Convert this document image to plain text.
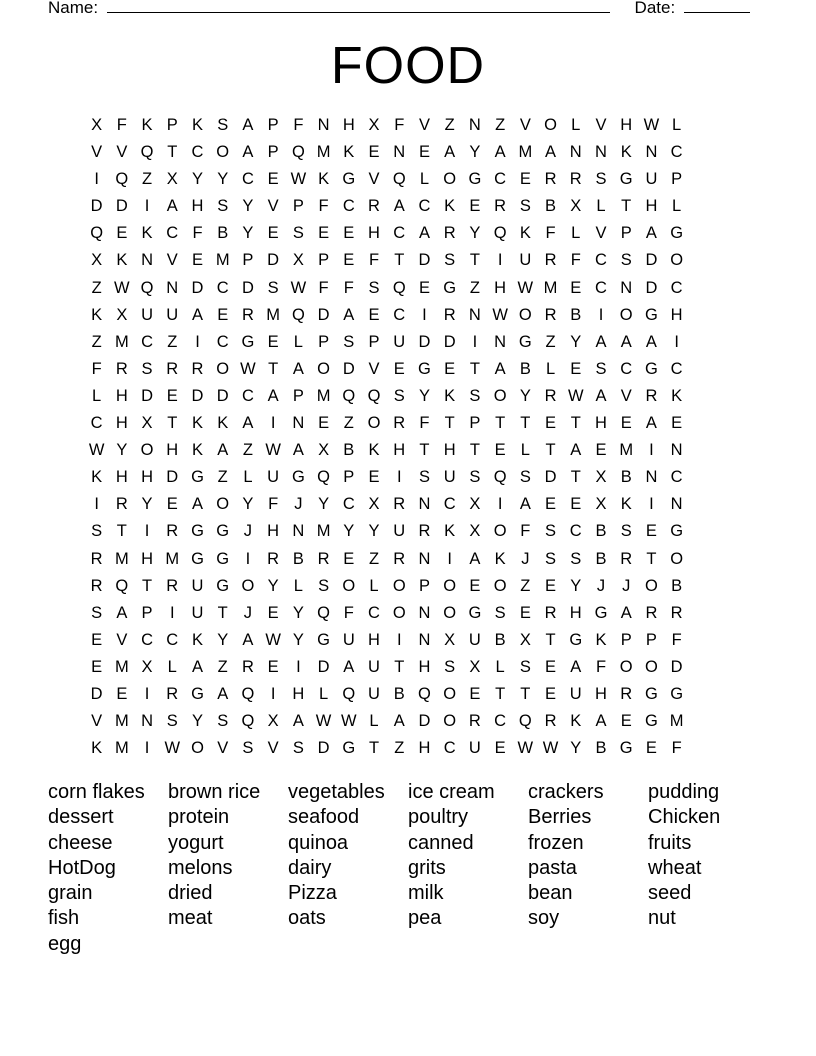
Name:	Date:
FOOD
X F K P K S A P F N H X F V Z N Z V O L V H W L
V V Q T C O A P Q M K E N E A Y A M A N N K N C
I	Q Z X Y Y C E W K G V Q L O G C E R R S G U P
D D	I	A H S Y V P F C R A C K E R S B X L T H L
Q E K C F B Y E S E E H C A R Y Q K F L V P A G
X K N V E M P D X P E F T D S T	I	U R F C S D O
Z W Q N D C D S W F F S Q E G Z H W M E C N D C
K X U U A E R M Q D A E C	I	R N W O R B	I	O G H
Z M C Z	I	C G E L P S P U D D	I	N G Z Y A A A	I
F R S R R O W T A O D V E G E T A B L E S C G C
L H D E D D C A P M Q Q S Y K S O Y R W A V R K
C H X T K K A	I	N E Z O R F T P T T E T H E A E
W Y O H K A Z W A X B K H T H T E L T A E M I	N
K H H D G Z L U G Q P E	I	S U S Q S D T X B N C
I	R Y E A O Y F J Y C X R N C X	I	A E E X K	I	N
S T	I	R G G J H N M Y Y U R K X O F S C B S E G
R M H M G G	I	R B R E Z R N	I	A K J S S B R T O
R Q T R U G O Y L S O L O P O E O Z E Y J	J O B
S A P	I	U T J E Y Q F C O N O G S E R H G A R R
E V C C K Y A W Y G U H	I	N X U B X T G K P P F
E M X L A Z R E	I	D A U T H S X L S E A F O O D
D E	I	R G A Q	I	H L Q U B Q O E T T E U H R G G
V M N S Y S Q X A W W L A D O R C Q R K A E G M
K M I W O V S V S D G T Z H C U E W W Y B G E F
corn flakes	brown rice	vegetables	ice cream	crackers	pudding
dessert	protein	seafood	poultry	Berries	Chicken
cheese	yogurt	quinoa	canned	frozen	fruits
HotDog	melons	dairy	grits	pasta	wheat
grain	dried	Pizza	milk	bean	seed
fish	meat	oats	pea	soy	nut
egg
